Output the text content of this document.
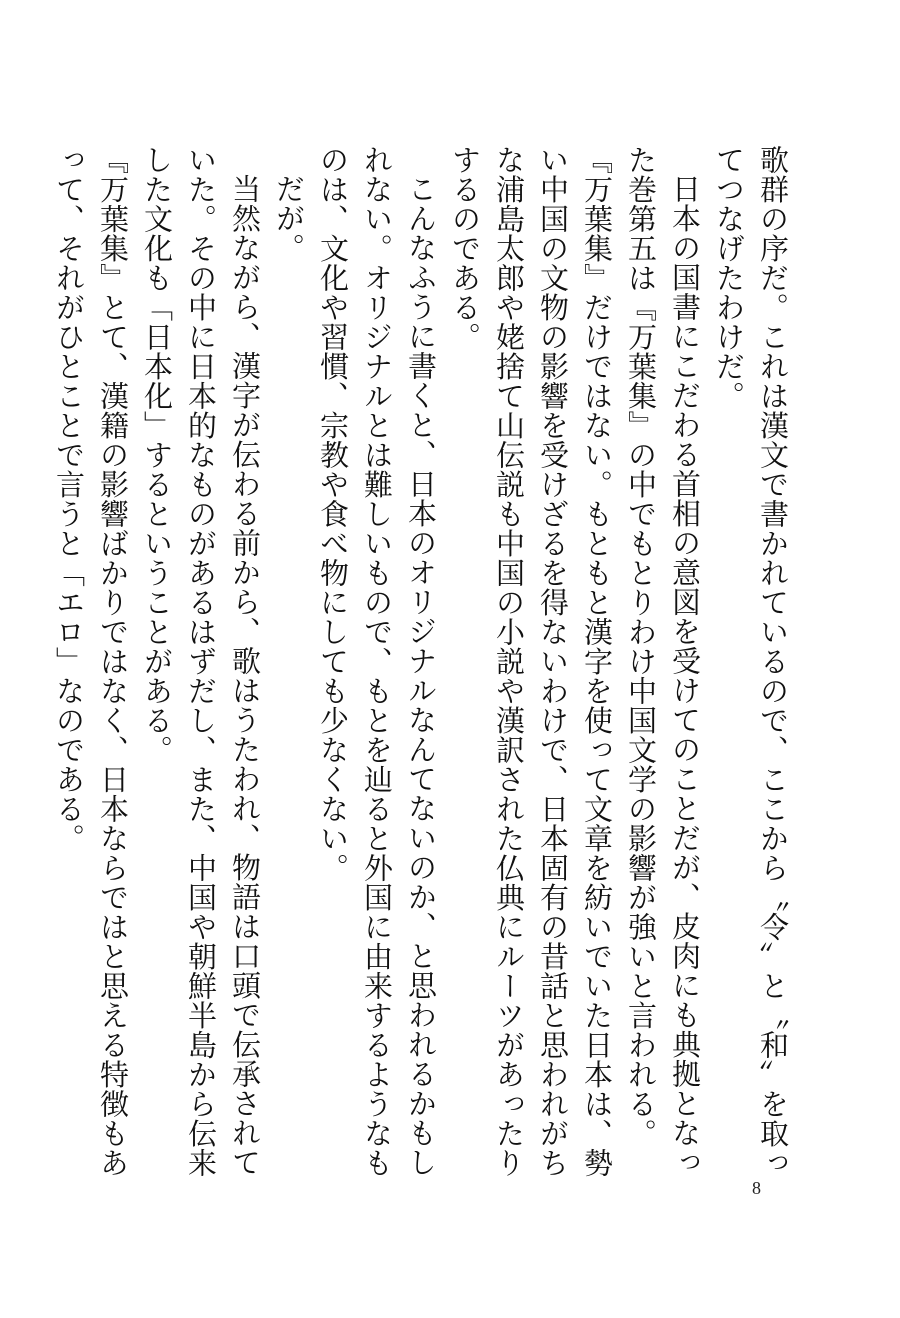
歌群の序だ。これは漢文で書かれているので、ここから〝令〟と〝和〟を取ってつなげたわけだ。

日本の国書にこだわる首相の意図を受けてのことだが、皮肉にも典拠となった巻第五は『万葉集』の中でもとりわけ中国文学の影響が強いと言われる。

『万葉集』だけではない。もともと漢字を使って文章を紡いでいた日本は、勢い中国の文物の影響を受けざるを得ないわけで、日本固有の昔話と思われがちな浦島太郎や姥捨て山伝説も中国の小説や漢訳された仏典にルーツがあったりするのである。

こんなふうに書くと、日本のオリジナルなんてないのか、と思われるかもしれない。オリジナルとは難しいもので、もとを辿ると外国に由来するようなものは、文化や習慣、宗教や食べ物にしても少なくない。

だが。

当然ながら、漢字が伝わる前から、歌はうたわれ、物語は口頭で伝承されていた。その中に日本的なものがあるはずだし、また、中国や朝鮮半島から伝来した文化も「日本化」するということがある。

『万葉集』とて、漢籍の影響ばかりではなく、日本ならではと思える特徴もあって、それがひとことで言うと「エロ」なのである。

8
